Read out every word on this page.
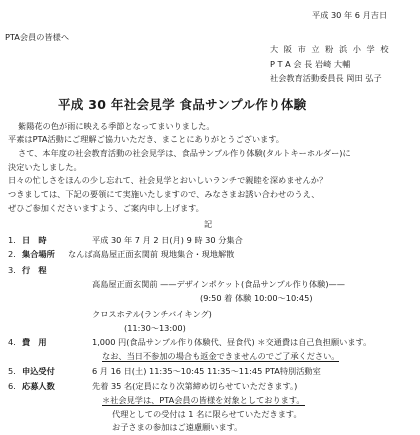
平成 30 年 6 月吉日
PTA会員の皆様へ
大 阪 市 立 粉 浜 小 学 校
P T A 会 長 岩崎 大輔
社会教育活動委員長 岡田 弘子
平成 30 年社会見学 食品サンプル作り体験
紫陽花の色が雨に映える季節となってまいりました。
平素はPTA活動にご理解ご協力いただき、まことにありがとうございます。
さて、本年度の社会教育活動の社会見学は、食品サンプル作り体験(タルトキーホルダー)に
決定いたしました。
日々の忙しさをほんの少し忘れて、社会見学とおいしいランチで親睦を深めませんか？
つきましては、下記の要領にて実施いたしますので、みなさまお誘い合わせのうえ、
ぜひご参加くださいますよう、ご案内申し上げます。
記
1. 日　時	平成 30 年 7 月 2 日(月) 9 時 30 分集合
2. 集合場所 なんば高島屋正面玄関前 現地集合・現地解散
3. 行　程
高島屋正面玄関前 ——デザインポケット(食品サンプル作り体験)——
(9:50 着 体験 10:00～10:45)
クロスホテル(ランチバイキング)
(11:30～13:00)
4. 費　用	1,000 円(食品サンプル作り体験代、昼食代) ＊交通費は自己負担願います。
なお、当日不参加の場合も返金できませんのでご了承ください。
5. 申込受付	6 月 16 日(土) 11:35～10:45 11:35～11:45 PTA特別活動室
6. 応募人数	先着 35 名(定員になり次第締め切らせていただきます。)
＊社会見学は、PTA会員の皆様を対象としております。
代理としての受付は 1 名に限らせていただきます。
お子さまの参加はご遠慮願います。
